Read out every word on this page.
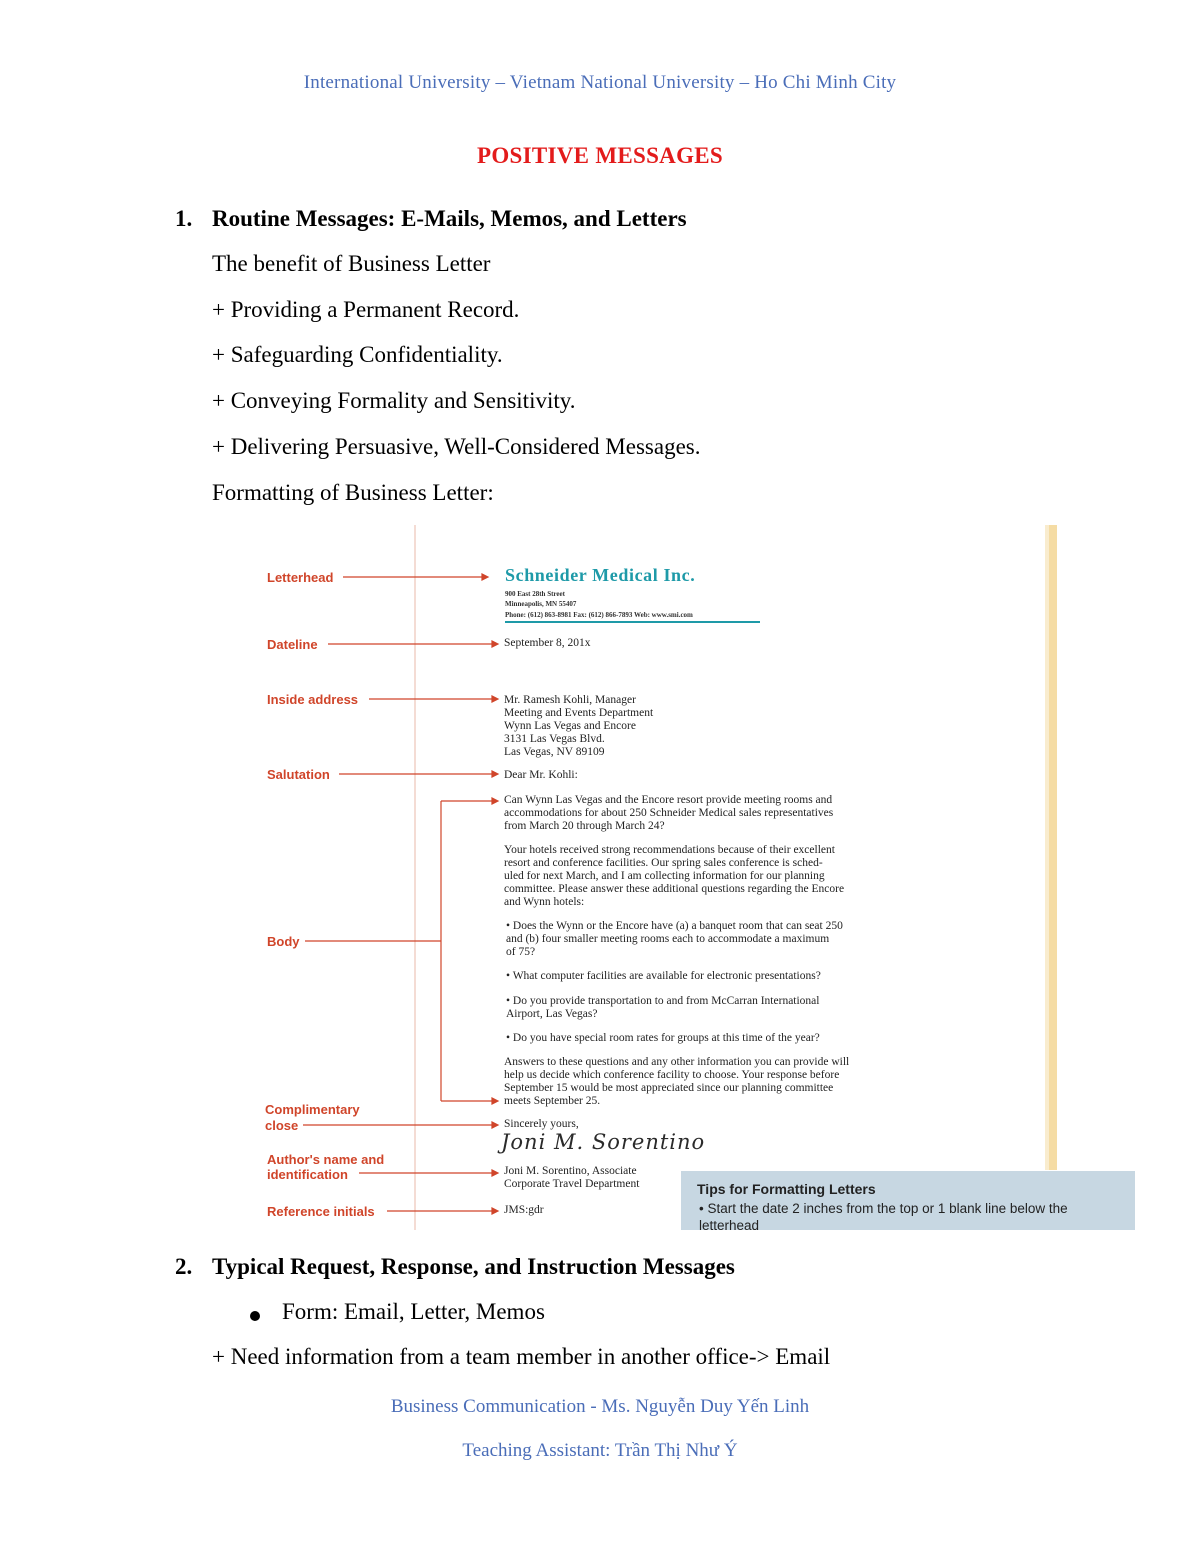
International University – Vietnam National University – Ho Chi Minh City
POSITIVE MESSAGES
1. Routine Messages: E-Mails, Memos, and Letters
The benefit of Business Letter
+ Providing a Permanent Record.
+ Safeguarding Confidentiality.
+ Conveying Formality and Sensitivity.
+ Delivering Persuasive, Well-Considered Messages.
Formatting of Business Letter:
Letterhead
Dateline
Inside address
Salutation
Body
Complimentary
close
Author's name and
identification
Reference initials
Schneider Medical Inc.
900 East 28th Street
Minneapolis, MN 55407
Phone: (612) 863-8981 Fax: (612) 866-7893 Web: www.smi.com
September 8, 201x
Mr. Ramesh Kohli, Manager
Meeting and Events Department
Wynn Las Vegas and Encore
3131 Las Vegas Blvd.
Las Vegas, NV 89109
Dear Mr. Kohli:
Can Wynn Las Vegas and the Encore resort provide meeting rooms and
accommodations for about 250 Schneider Medical sales representatives
from March 20 through March 24?
Your hotels received strong recommendations because of their excellent
resort and conference facilities. Our spring sales conference is sched-
uled for next March, and I am collecting information for our planning
committee. Please answer these additional questions regarding the Encore
and Wynn hotels:
• Does the Wynn or the Encore have (a) a banquet room that can seat 250
and (b) four smaller meeting rooms each to accommodate a maximum
of 75?
• What computer facilities are available for electronic presentations?
• Do you provide transportation to and from McCarran International
Airport, Las Vegas?
• Do you have special room rates for groups at this time of the year?
Answers to these questions and any other information you can provide will
help us decide which conference facility to choose. Your response before
September 15 would be most appreciated since our planning committee
meets September 25.
Sincerely yours,
Joni M. Sorentino
Joni M. Sorentino, Associate
Corporate Travel Department
JMS:gdr
Tips for Formatting Letters
• Start the date 2 inches from the top or 1 blank line below the
letterhead
2. Typical Request, Response, and Instruction Messages
Form: Email, Letter, Memos
+ Need information from a team member in another office-> Email
Business Communication - Ms. Nguyễn Duy Yến Linh
Teaching Assistant: Trần Thị Như Ý
